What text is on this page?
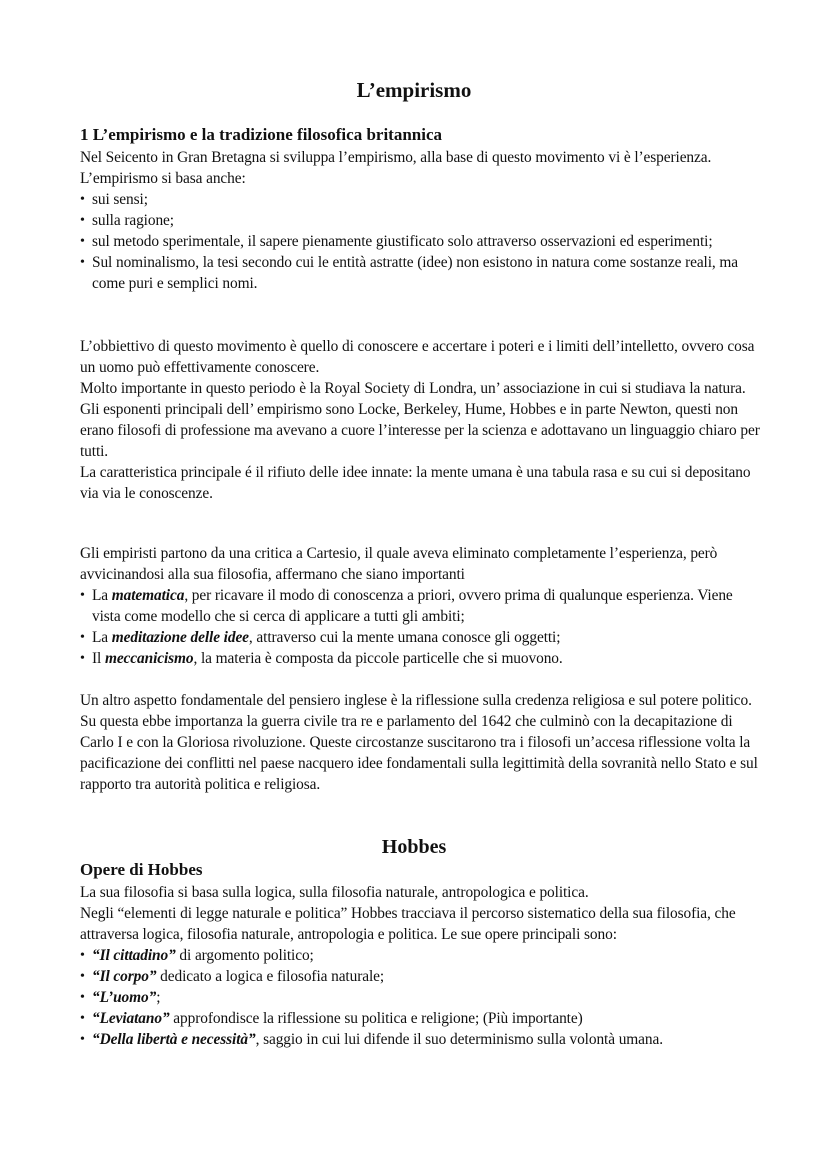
L’empirismo
1 L’empirismo e la tradizione filosofica britannica

Nel Seicento in Gran Bretagna si sviluppa l’empirismo, alla base di questo movimento vi è l’esperienza. L’empirismo si basa anche:

• sui sensi;
• sulla ragione;
• sul metodo sperimentale, il sapere pienamente giustificato solo attraverso osservazioni ed esperimenti;
• Sul nominalismo, la tesi secondo cui le entità astratte (idee) non esistono in natura come sostanze reali, ma come puri e semplici nomi.

L’obbiettivo di questo movimento è quello di conoscere e accertare i poteri e i limiti dell’intelletto, ovvero cosa un uomo può effettivamente conoscere.

Molto importante in questo periodo è la Royal Society di Londra, un’ associazione in cui si studiava la natura.

Gli esponenti principali dell’ empirismo sono Locke, Berkeley, Hume, Hobbes e in parte Newton, questi non erano filosofi di professione ma avevano a cuore l’interesse per la scienza e adottavano un linguaggio chiaro per tutti.

La caratteristica principale é il rifiuto delle idee innate: la mente umana è una tabula rasa e su cui si depositano via via le conoscenze.

Gli empiristi partono da una critica a Cartesio, il quale aveva eliminato completamente l’esperienza, però avvicinandosi alla sua filosofia, affermano che siano importanti

• La matematica, per ricavare il modo di conoscenza a priori, ovvero prima di qualunque esperienza. Viene vista come modello che si cerca di applicare a tutti gli ambiti;
• La meditazione delle idee, attraverso cui la mente umana conosce gli oggetti;
• Il meccanicismo, la materia è composta da piccole particelle che si muovono.

Un altro aspetto fondamentale del pensiero inglese è la riflessione sulla credenza religiosa e sul potere politico. Su questa ebbe importanza la guerra civile tra re e parlamento del 1642 che culminò con la decapitazione di Carlo I e con la Gloriosa rivoluzione. Queste circostanze suscitarono tra i filosofi un’accesa riflessione volta la pacificazione dei conflitti nel paese nacquero idee fondamentali sulla legittimità della sovranità nello Stato e sul rapporto tra autorità politica e religiosa.

Hobbes
Opere di Hobbes

La sua filosofia si basa sulla logica, sulla filosofia naturale, antropologica e politica.

Negli “elementi di legge naturale e politica” Hobbes tracciava il percorso sistematico della sua filosofia, che attraversa logica, filosofia naturale, antropologia e politica. Le sue opere principali sono:

• “Il cittadino” di argomento politico;
• “Il corpo” dedicato a logica e filosofia naturale;
• “L’uomo”;
• “Leviatano” approfondisce la riflessione su politica e religione; (Più importante)
• “Della libertà e necessità”, saggio in cui lui difende il suo determinismo sulla volontà umana.
